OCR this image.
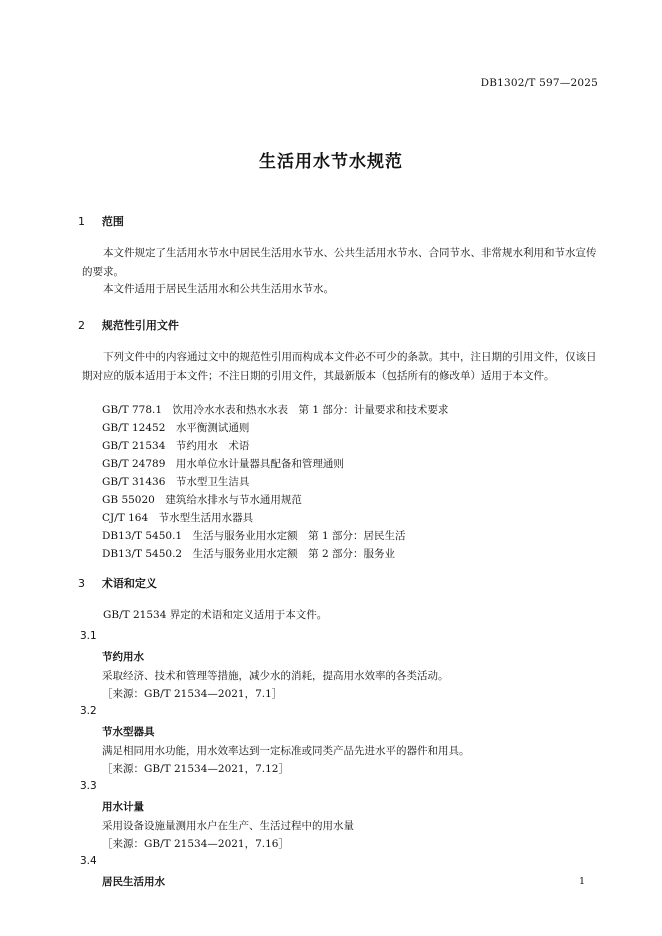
DB1302/T 597—2025
生活用水节水规范
1 范围
本文件规定了生活用水节水中居民生活用水节水、公共生活用水节水、合同节水、非常规水利用和节水宣传的要求。
本文件适用于居民生活用水和公共生活用水节水。
2 规范性引用文件
下列文件中的内容通过文中的规范性引用而构成本文件必不可少的条款。其中，注日期的引用文件，仅该日期对应的版本适用于本文件；不注日期的引用文件，其最新版本（包括所有的修改单）适用于本文件。
GB/T 778.1　饮用冷水水表和热水水表　第 1 部分：计量要求和技术要求
GB/T 12452　水平衡测试通则
GB/T 21534　节约用水　术语
GB/T 24789　用水单位水计量器具配备和管理通则
GB/T 31436　节水型卫生洁具
GB 55020　建筑给水排水与节水通用规范
CJ/T 164　节水型生活用水器具
DB13/T 5450.1　生活与服务业用水定额　第 1 部分：居民生活
DB13/T 5450.2　生活与服务业用水定额　第 2 部分：服务业
3 术语和定义
GB/T 21534 界定的术语和定义适用于本文件。
3.1
节约用水
采取经济、技术和管理等措施，减少水的消耗，提高用水效率的各类活动。
［来源：GB/T 21534—2021，7.1］
3.2
节水型器具
满足相同用水功能，用水效率达到一定标准或同类产品先进水平的器件和用具。
［来源：GB/T 21534—2021，7.12］
3.3
用水计量
采用设备设施量测用水户在生产、生活过程中的用水量
［来源：GB/T 21534—2021，7.16］
3.4
居民生活用水	1
